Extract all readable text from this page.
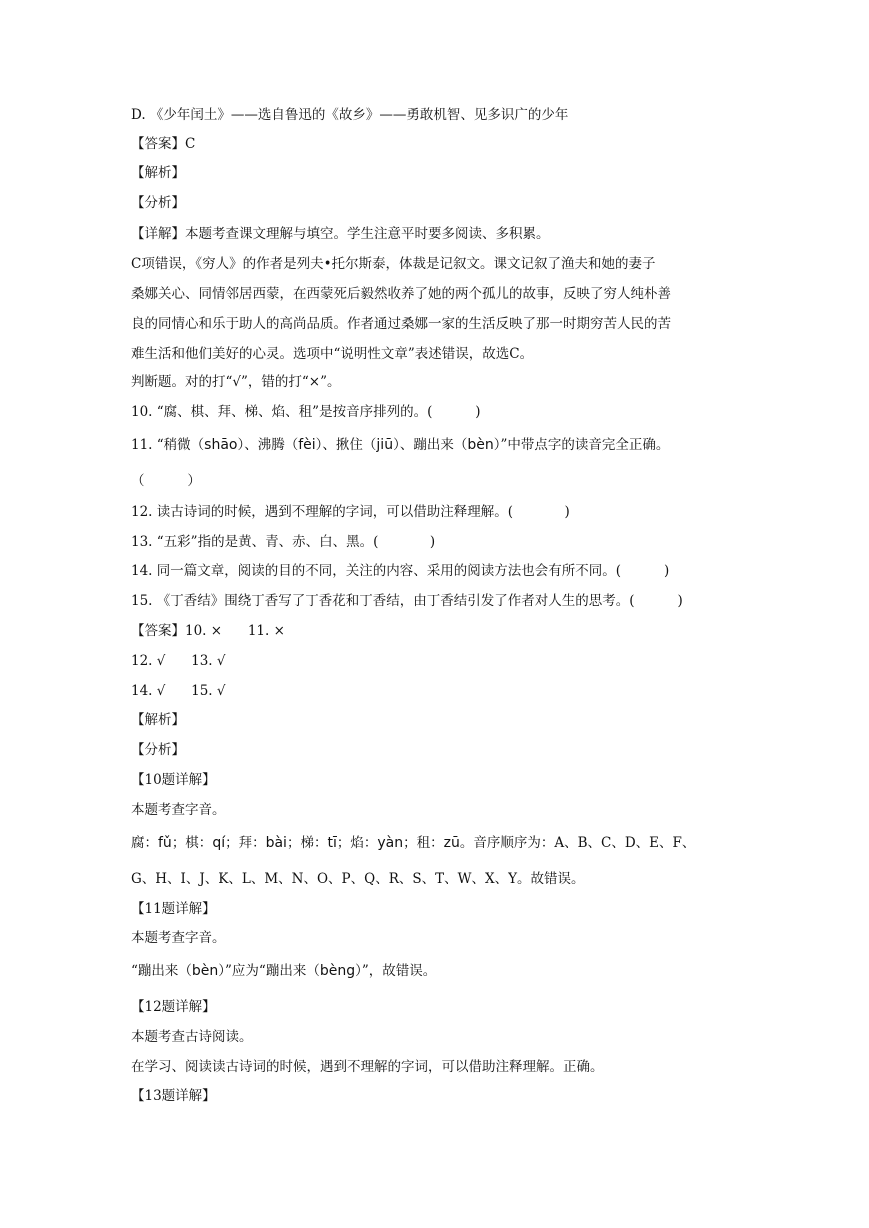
D. 《少年闰土》——选自鲁迅的《故乡》——勇敢机智、见多识广的少年
【答案】C
【解析】
【分析】
【详解】本题考查课文理解与填空。学生注意平时要多阅读、多积累。
C项错误，《穷人》的作者是列夫•托尔斯泰，体裁是记叙文。课文记叙了渔夫和她的妻子
桑娜关心、同情邻居西蒙，在西蒙死后毅然收养了她的两个孤儿的故事，反映了穷人纯朴善
良的同情心和乐于助人的高尚品质。作者通过桑娜一家的生活反映了那一时期穷苦人民的苦
难生活和他们美好的心灵。选项中“说明性文章”表述错误，故选C。
判断题。对的打“√”，错的打“×”。
10. “腐、棋、拜、梯、焰、租”是按音序排列的。(          )
11. “稍微（shāo）、沸腾（fèi）、揪住（jiū）、蹦出来（bèn）”中带点字的读音完全正确。
（          ）
12. 读古诗词的时候，遇到不理解的字词，可以借助注释理解。(            )
13. “五彩”指的是黄、青、赤、白、黑。(            )
14. 同一篇文章，阅读的目的不同，关注的内容、采用的阅读方法也会有所不同。(          )
15. 《丁香结》围绕丁香写了丁香花和丁香结，由丁香结引发了作者对人生的思考。(          )
【答案】10. ×      11. ×
12. √      13. √
14. √      15. √
【解析】
【分析】
【10题详解】
本题考查字音。
腐：fǔ；棋：qí；拜：bài；梯：tī；焰：yàn；租：zū。音序顺序为：A、B、C、D、E、F、
G、H、I、J、K、L、M、N、O、P、Q、R、S、T、W、X、Y。故错误。
【11题详解】
本题考查字音。
“蹦出来（bèn）”应为“蹦出来（bèng）”，故错误。
【12题详解】
本题考查古诗阅读。
在学习、阅读读古诗词的时候，遇到不理解的字词，可以借助注释理解。正确。
【13题详解】
